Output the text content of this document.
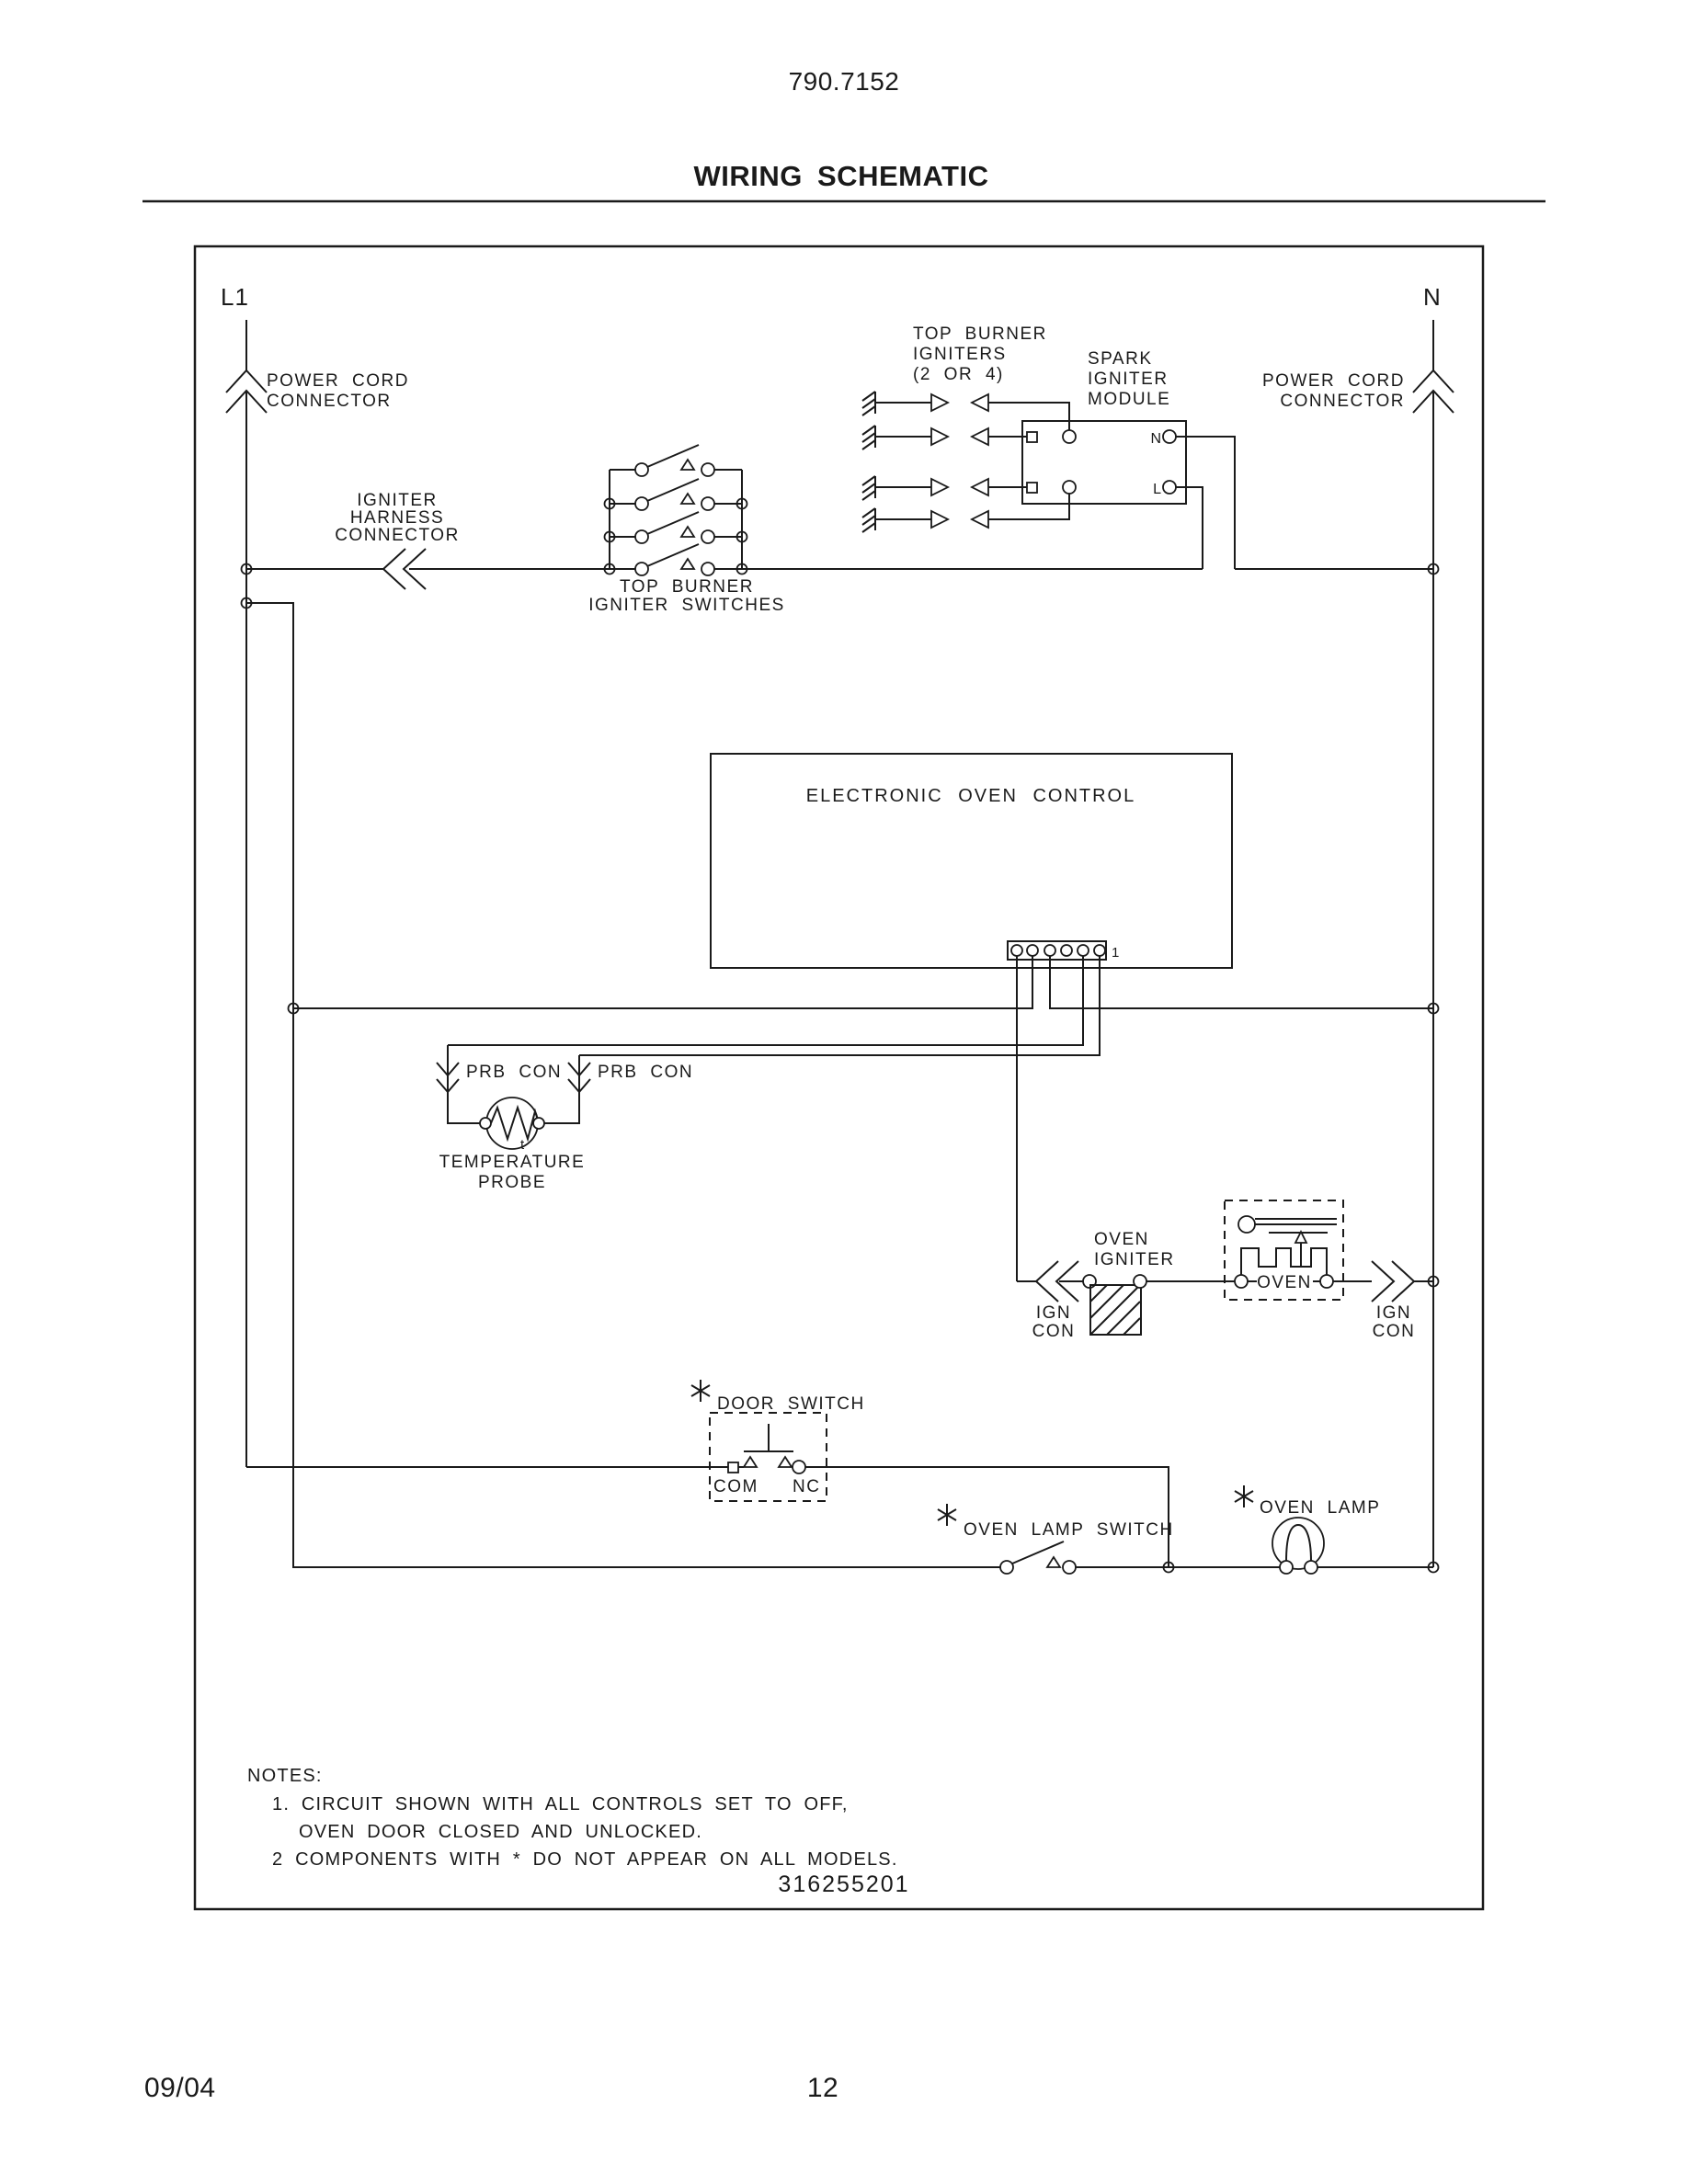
790.7152
WIRING SCHEMATIC
L1
POWER CORD
CONNECTOR
N
POWER CORD
CONNECTOR
IGNITER
HARNESS
CONNECTOR
TOP BURNER
IGNITER SWITCHES
TOP BURNER
IGNITERS
(2 OR 4)
SPARK
IGNITER
MODULE
N
L
ELECTRONIC OVEN CONTROL
1
PRB CON PRB CON
t
TEMPERATURE
PROBE
IGN
CON
OVEN
IGNITER
OVEN
IGN
CON
DOOR SWITCH
COM NC
OVEN LAMP SWITCH
OVEN LAMP
NOTES:
1. CIRCUIT SHOWN WITH ALL CONTROLS SET TO OFF,
OVEN DOOR CLOSED AND UNLOCKED.
2 COMPONENTS WITH * DO NOT APPEAR ON ALL MODELS.
316255201
09/04	12
